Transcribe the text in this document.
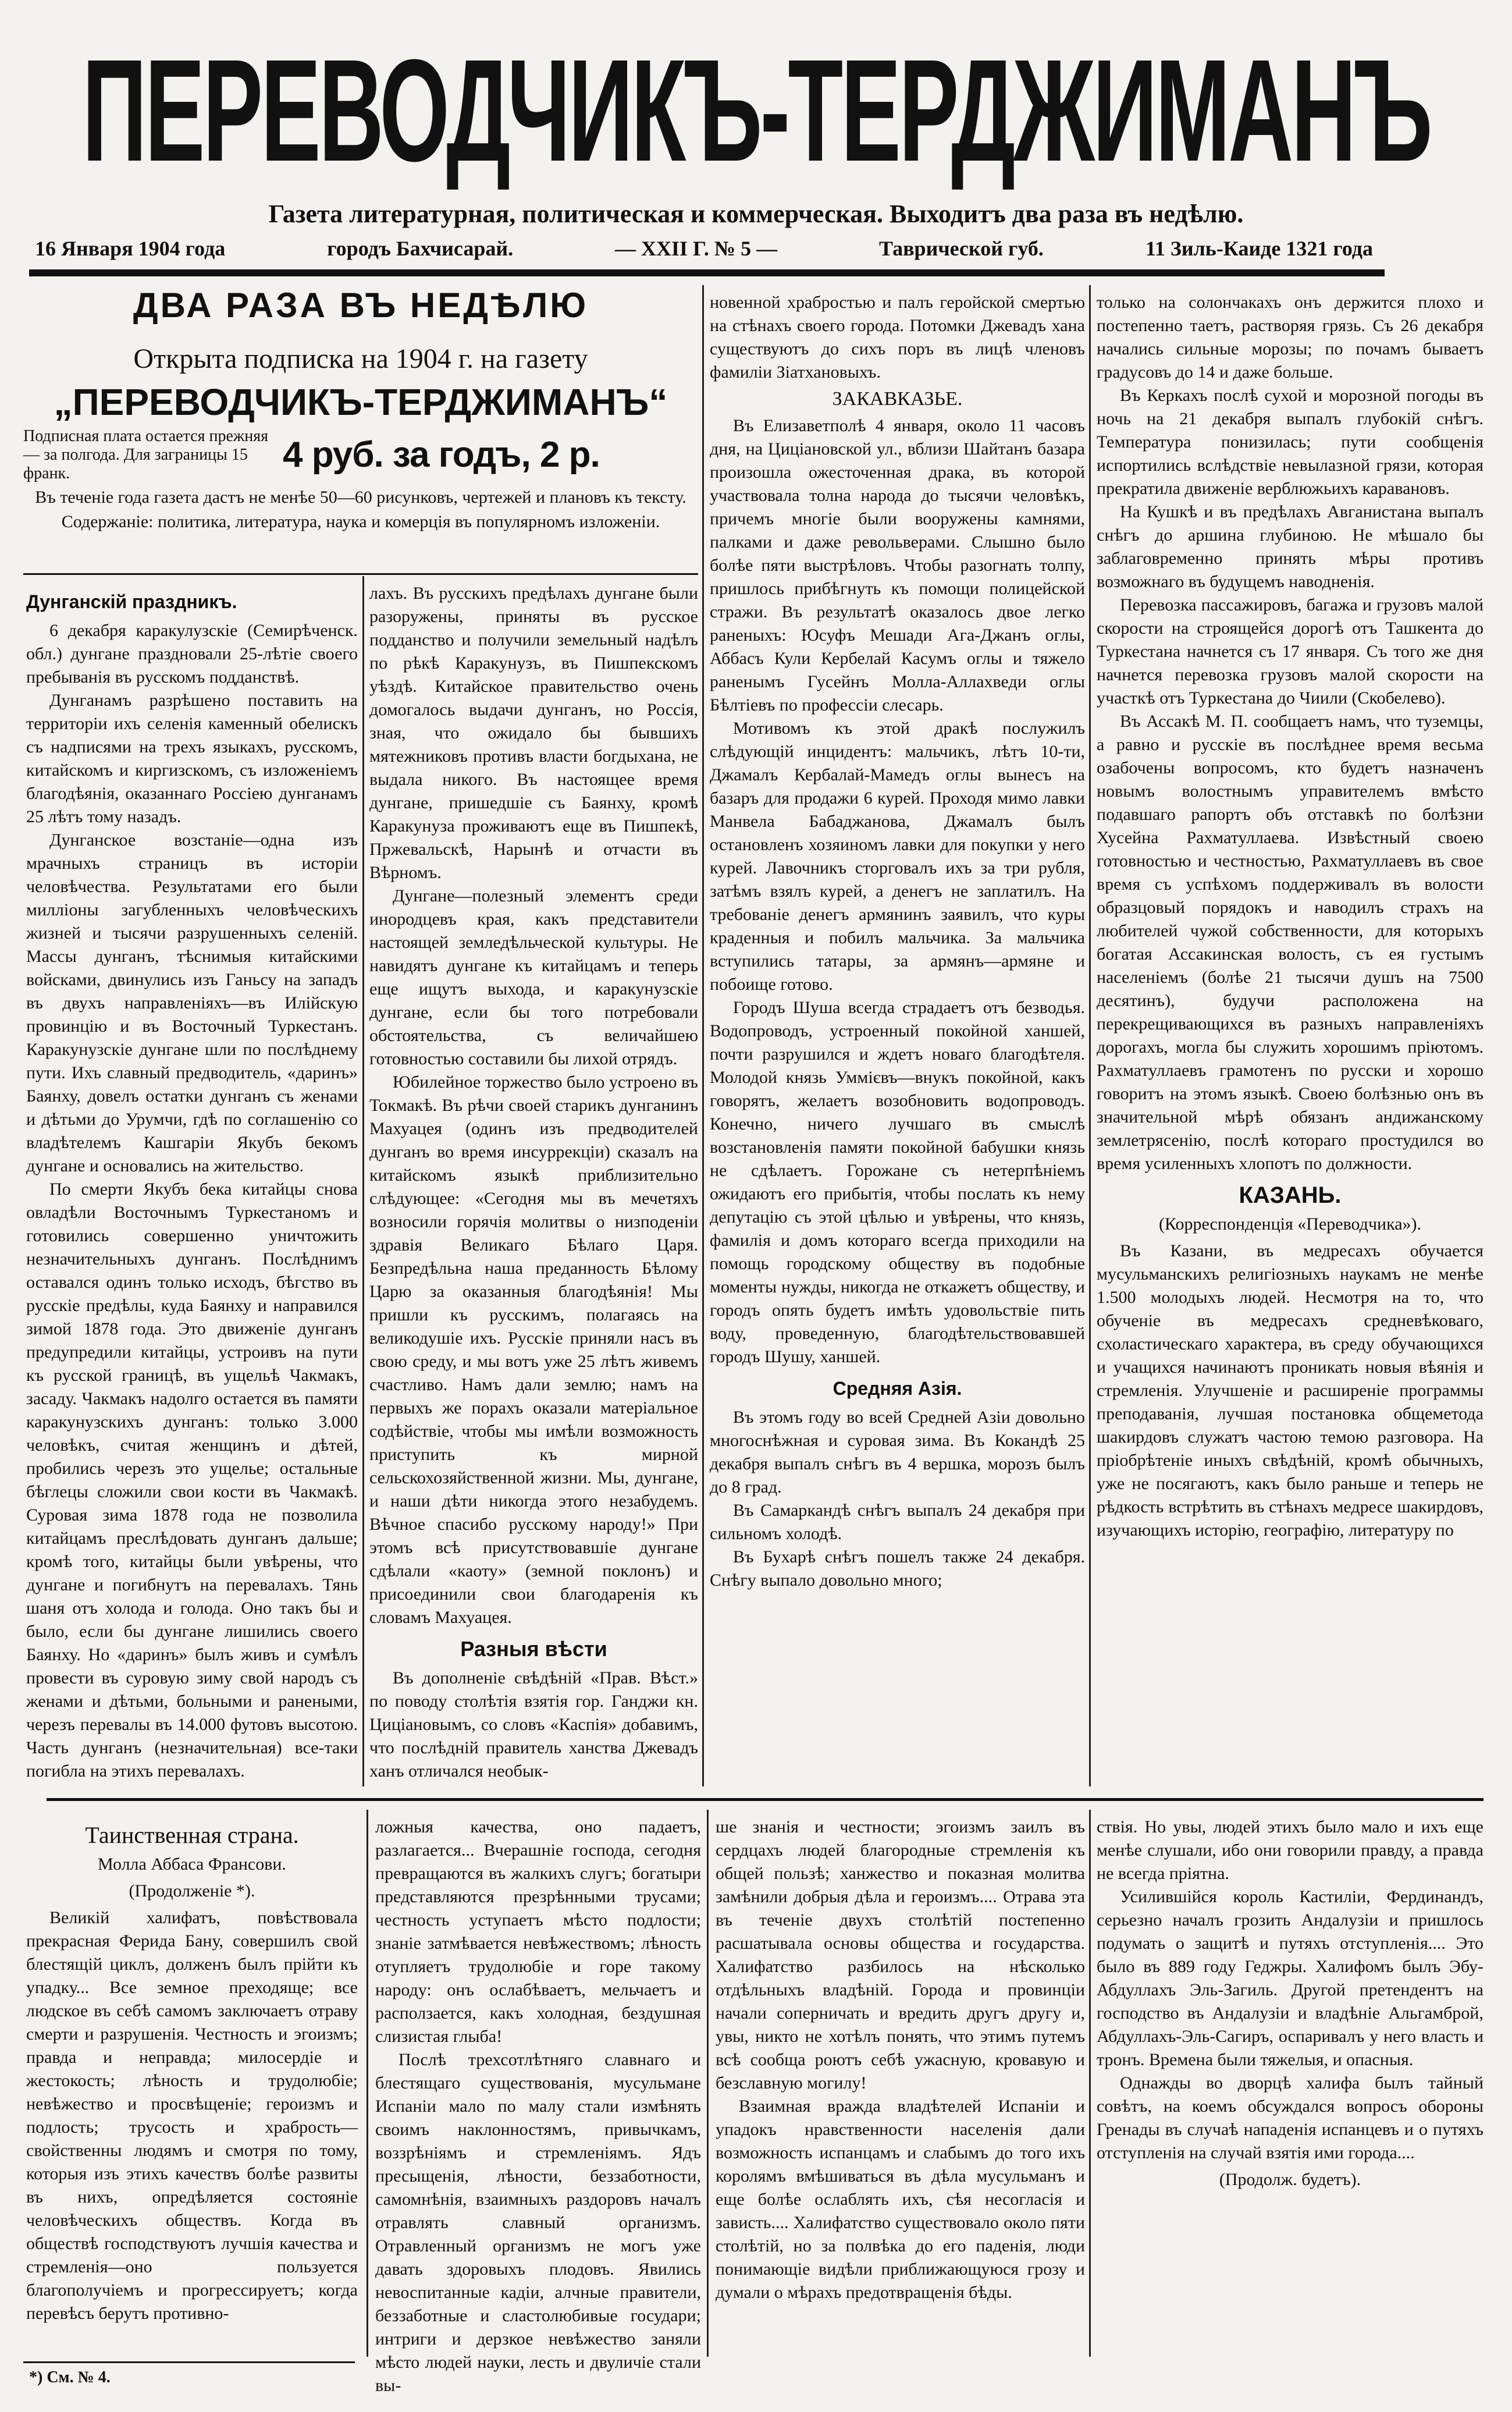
ПЕРЕВОДЧИКЪ-ТЕРДЖИМАНЪ
Газета литературная, политическая и коммерческая. Выходитъ два раза въ недѣлю.
16 Января 1904 года	городъ Бахчисарай.	— XXII Г. № 5 —	Таврической губ.	11 Зиль-Каиде 1321 года
ДВА РАЗА ВЪ НЕДѢЛЮ
Открыта подписка на 1904 г. на газету
„ПЕРЕВОДЧИКЪ-ТЕРДЖИМАНЪ“
Подписная плата остается прежняя— за полгода. Для заграницы 15 франк.	4 руб. за годъ, 2 р.
Въ теченіе года газета дастъ не менѣе 50—60 рисунковъ, чертежей и плановъ къ тексту.
Содержаніе: политика, литература, наука и комерція въ популярномъ изложеніи.
Дунганскій праздникъ.

6 декабря каракулузскіе (Семирѣченск. обл.) дунгане праздновали 25-лѣтіе своего пребыванія въ русскомъ подданствѣ.

Дунганамъ разрѣшено поставить на территоріи ихъ селенія каменный обелискъ съ надписями на трехъ языкахъ, русскомъ, китайскомъ и киргизскомъ, съ изложеніемъ благодѣянія, оказаннаго Россіею дунганамъ 25 лѣтъ тому назадъ.

Дунганское возстаніе—одна изъ мрачныхъ страницъ въ исторіи человѣчества. Результатами его были милліоны загубленныхъ человѣческихъ жизней и тысячи разрушенныхъ селеній. Массы дунганъ, тѣснимыя китайскими войсками, двинулись изъ Ганьсу на западъ въ двухъ направленіяхъ—въ Илійскую провинцію и въ Восточный Туркестанъ. Каракунузскіе дунгане шли по послѣднему пути. Ихъ славный предводитель, «даринъ» Баянху, довелъ остатки дунганъ съ женами и дѣтьми до Урумчи, гдѣ по соглашенію со владѣтелемъ Кашгаріи Якубъ бекомъ дунгане и основались на жительство.

По смерти Якубъ бека китайцы снова овладѣли Восточнымъ Туркестаномъ и готовились совершенно уничтожить незначительныхъ дунганъ. Послѣднимъ оставался одинъ только исходъ, бѣгство въ русскіе предѣлы, куда Баянху и направился зимой 1878 года. Это движеніе дунганъ предупредили китайцы, устроивъ на пути къ русской границѣ, въ ущельѣ Чакмакъ, засаду. Чакмакъ надолго остается въ памяти каракунузскихъ дунганъ: только 3.000 человѣкъ, считая женщинъ и дѣтей, пробились черезъ это ущелье; остальные бѣглецы сложили свои кости въ Чакмакѣ. Суровая зима 1878 года не позволила китайцамъ преслѣдовать дунганъ дальше; кромѣ того, китайцы были увѣрены, что дунгане и погибнутъ на перевалахъ. Тянь шаня отъ холода и голода. Оно такъ бы и было, если бы дунгане лишились своего Баянху. Но «даринъ» былъ живъ и сумѣлъ провести въ суровую зиму свой народъ съ женами и дѣтьми, больными и ранеными, черезъ перевалы въ 14.000 футовъ высотою. Часть дунганъ (незначительная) все-таки погибла на этихъ перевалахъ.

лахъ. Въ русскихъ предѣлахъ дунгане были разоружены, приняты въ русское подданство и получили земельный надѣлъ по рѣкѣ Каракунузъ, въ Пишпекскомъ уѣздѣ. Китайское правительство очень домогалось выдачи дунганъ, но Россія, зная, что ожидало бы бывшихъ мятежниковъ противъ власти богдыхана, не выдала никого. Въ настоящее время дунгане, пришедшіе съ Баянху, кромѣ Каракунуза проживаютъ еще въ Пишпекѣ, Пржевальскѣ, Нарынѣ и отчасти въ Вѣрномъ.

Дунгане—полезный элементъ среди инородцевъ края, какъ представители настоящей земледѣльческой культуры. Не навидятъ дунгане къ китайцамъ и теперь еще ищутъ выхода, и каракунузскіе дунгане, если бы того потребовали обстоятельства, съ величайшею готовностью составили бы лихой отрядъ.

Юбилейное торжество было устроено въ Токмакѣ. Въ рѣчи своей старикъ дунганинъ Махуацея (одинъ изъ предводителей дунганъ во время инсуррекціи) сказалъ на китайскомъ языкѣ приблизительно слѣдующее: «Сегодня мы въ мечетяхъ возносили горячія молитвы о низподеніи здравія Великаго Бѣлаго Царя. Безпредѣльна наша преданность Бѣлому Царю за оказанныя благодѣянія! Мы пришли къ русскимъ, полагаясь на великодушіе ихъ. Русскіе приняли насъ въ свою среду, и мы вотъ уже 25 лѣтъ живемъ счастливо. Намъ дали землю; намъ на первыхъ же порахъ оказали матеріальное содѣйствіе, чтобы мы имѣли возможность приступить къ мирной сельскохозяйственной жизни. Мы, дунгане, и наши дѣти никогда этого незабудемъ. Вѣчное спасибо русскому народу!» При этомъ всѣ присутствовавшіе дунгане сдѣлали «каоту» (земной поклонъ) и присоединили свои благодаренія къ словамъ Махуацея.

Разныя вѣсти

Въ дополненіе свѣдѣній «Прав. Вѣст.» по поводу столѣтія взятія гор. Ганджи кн. Циціановымъ, со словъ «Каспія» добавимъ, что послѣдній правитель ханства Джевадъ ханъ отличался необык-

новенной храбростью и палъ геройской смертью на стѣнахъ своего города. Потомки Джевадъ хана существуютъ до сихъ поръ въ лицѣ членовъ фамиліи Зіатхановыхъ.

ЗАКАВКАЗЬЕ.

Въ Елизаветполѣ 4 января, около 11 часовъ дня, на Циціановской ул., вблизи Шайтанъ базара произошла ожесточенная драка, въ которой участвовала толна народа до тысячи человѣкъ, причемъ многіе были вооружены камнями, палками и даже револьверами. Слышно было болѣе пяти выстрѣловъ. Чтобы разогнать толпу, пришлось прибѣгнуть къ помощи полицейской стражи. Въ результатѣ оказалось двое легко раненыхъ: Юсуфъ Мешади Ага-Джанъ оглы, Аббасъ Кули Кербелай Касумъ оглы и тяжело раненымъ Гусейнъ Молла-Аллахведи оглы Бѣлтіевъ по профессіи слесарь.

Мотивомъ къ этой дракѣ послужилъ слѣдующій инцидентъ: мальчикъ, лѣтъ 10-ти, Джамалъ Кербалай-Мамедъ оглы вынесъ на базаръ для продажи 6 курей. Проходя мимо лавки Манвела Бабаджанова, Джамалъ былъ остановленъ хозяиномъ лавки для покупки у него курей. Лавочникъ сторговалъ ихъ за три рубля, затѣмъ взялъ курей, а денегъ не заплатилъ. На требованіе денегъ армянинъ заявилъ, что куры краденныя и побилъ мальчика. За мальчика вступились татары, за армянъ—армяне и побоище готово.

Городъ Шуша всегда страдаетъ отъ безводья. Водопроводъ, устроенный покойной ханшей, почти разрушился и ждетъ новаго благодѣтеля. Молодой князь Уммієвъ—внукъ покойной, какъ говорятъ, желаетъ возобновить водопроводъ. Конечно, ничего лучшаго въ смыслѣ возстановленія памяти покойной бабушки князь не сдѣлаетъ. Горожане съ нетерпѣніемъ ожидаютъ его прибытія, чтобы послать къ нему депутацію съ этой цѣлью и увѣрены, что князь, фамилія и домъ котораго всегда приходили на помощь городскому обществу въ подобные моменты нужды, никогда не откажетъ обществу, и городъ опять будетъ имѣть удовольствіе пить воду, проведенную, благодѣтельствовавшей городъ Шушу, ханшей.

Средняя Азія.

Въ этомъ году во всей Средней Азіи довольно многоснѣжная и суровая зима. Въ Кокандѣ 25 декабря выпалъ снѣгъ въ 4 вершка, морозъ былъ до 8 град.

Въ Самаркандѣ снѣгъ выпалъ 24 декабря при сильномъ холодѣ.

Въ Бухарѣ снѣгъ пошелъ также 24 декабря. Снѣгу выпало довольно много;

только на солончакахъ онъ держится плохо и постепенно таетъ, растворяя грязь. Съ 26 декабря начались сильные морозы; по почамъ бываетъ градусовъ до 14 и даже больше.

Въ Керкахъ послѣ сухой и морозной погоды въ ночь на 21 декабря выпалъ глубокій снѣгъ. Температура понизилась; пути сообщенія испортились вслѣдствіе невылазной грязи, которая прекратила движеніе верблюжьихъ каравановъ.

На Кушкѣ и въ предѣлахъ Авганистана выпалъ снѣгъ до аршина глубиною. Не мѣшало бы заблаговременно принять мѣры противъ возможнаго въ будущемъ наводненія.

Перевозка пассажировъ, багажа и грузовъ малой скорости на строящейся дорогѣ отъ Ташкента до Туркестана начнется съ 17 января. Съ того же дня начнется перевозка грузовъ малой скорости на участкѣ отъ Туркестана до Чиили (Скобелево).

Въ Ассакѣ М. П. сообщаетъ намъ, что туземцы, а равно и русскіе въ послѣднее время весьма озабочены вопросомъ, кто будетъ назначенъ новымъ волостнымъ управителемъ вмѣсто подавшаго рапортъ объ отставкѣ по болѣзни Хусейна Рахматуллаева. Извѣстный своею готовностью и честностью, Рахматуллаевъ въ свое время съ успѣхомъ поддерживалъ въ волости образцовый порядокъ и наводилъ страхъ на любителей чужой собственности, для которыхъ богатая Ассакинская волость, съ ея густымъ населеніемъ (болѣе 21 тысячи душъ на 7500 десятинъ), будучи расположена на перекрещивающихся въ разныхъ направленіяхъ дорогахъ, могла бы служить хорошимъ пріютомъ. Рахматуллаевъ грамотенъ по русски и хорошо говоритъ на этомъ языкѣ. Своею болѣзнью онъ въ значительной мѣрѣ обязанъ андижанскому землетрясенію, послѣ котораго простудился во время усиленныхъ хлопотъ по должности.

КАЗАНЬ.
(Корреспонденція «Переводчика»).

Въ Казани, въ медресахъ обучается мусульманскихъ религіозныхъ наукамъ не менѣе 1.500 молодыхъ людей. Несмотря на то, что обученіе въ медресахъ средневѣковаго, схоластическаго характера, въ среду обучающихся и учащихся начинаютъ проникать новыя вѣянія и стремленія. Улучшеніе и расширеніе программы преподаванія, лучшая постановка общеметода шакирдовъ служатъ частою темою разговора. На пріобрѣтеніе иныхъ свѣдѣній, кромѣ обычныхъ, уже не посягаютъ, какъ было раньше и теперь не рѣдкость встрѣтить въ стѣнахъ медресе шакирдовъ, изучающихъ исторію, географію, литературу по

Таинственная страна.
Молла Аббаса Франсови.
(Продолженіе *).

Великій халифатъ, повѣствовала прекрасная Ферида Бану, совершилъ свой блестящій циклъ, долженъ былъ прійти къ упадку... Все земное преходяще; все людское въ себѣ самомъ заключаетъ отраву смерти и разрушенія. Честность и эгоизмъ; правда и неправда; милосердіе и жестокость; лѣность и трудолюбіе; невѣжество и просвѣщеніе; героизмъ и подлость; трусость и храбрость—свойственны людямъ и смотря по тому, которыя изъ этихъ качествъ болѣе развиты въ нихъ, опредѣляется состояніе человѣческихъ обществъ. Когда въ обществѣ господствуютъ лучшія качества и стремленія—оно пользуется благополучіемъ и прогрессируетъ; когда перевѣсъ берутъ противно-

ложныя качества, оно падаетъ, разлагается... Вчерашніе господа, сегодня превращаются въ жалкихъ слугъ; богатыри представляются презрѣнными трусами; честность уступаетъ мѣсто подлости; знаніе затмѣвается невѣжествомъ; лѣность отупляетъ трудолюбіе и горе такому народу: онъ ослабѣваетъ, мельчаетъ и расползается, какъ холодная, бездушная слизистая глыба!

Послѣ трехсотлѣтняго славнаго и блестящаго существованія, мусульмане Испаніи мало по малу стали измѣнять своимъ наклонностямъ, привычкамъ, воззрѣніямъ и стремленіямъ. Ядъ пресыщенія, лѣности, беззаботности, самомнѣнія, взаимныхъ раздоровъ началъ отравлять славный организмъ. Отравленный организмъ не могъ уже давать здоровыхъ плодовъ. Явились невоспитанные кадіи, алчные правители, беззаботные и сластолюбивые государи; интриги и дерзкое невѣжество заняли мѣсто людей науки, лесть и двуличіе стали вы-

ше знанія и честности; эгоизмъ заилъ въ сердцахъ людей благородные стремленія къ общей пользѣ; ханжество и показная молитва замѣнили добрыя дѣла и героизмъ.... Отрава эта въ теченіе двухъ столѣтій постепенно расшатывала основы общества и государства. Халифатство разбилось на нѣсколько отдѣльныхъ владѣній. Города и провинціи начали соперничать и вредить другъ другу и, увы, никто не хотѣлъ понять, что этимъ путемъ всѣ сообща роютъ себѣ ужасную, кровавую и безславную могилу!

Взаимная вражда владѣтелей Испаніи и упадокъ нравственности населенія дали возможность испанцамъ и слабымъ до того ихъ королямъ вмѣшиваться въ дѣла мусульманъ и еще болѣе ослаблять ихъ, сѣя несогласія и зависть.... Халифатство существовало около пяти столѣтій, но за полвѣка до его паденія, люди понимающіе видѣли приближающуюся грозу и думали о мѣрахъ предотвращенія бѣды.

ствія. Но увы, людей этихъ было мало и ихъ еще менѣе слушали, ибо они говорили правду, а правда не всегда пріятна.

Усилившійся король Кастиліи, Фердинандъ, серьезно началъ грозить Андалузіи и пришлось подумать о защитѣ и путяхъ отступленія.... Это было въ 889 году Геджры. Халифомъ былъ Эбу-Абдуллахъ Эль-Загиль. Другой претендентъ на господство въ Андалузіи и владѣніе Альгамброй, Абдуллахъ-Эль-Сагиръ, оспаривалъ у него власть и тронъ. Времена были тяжелыя, и опасныя.

Однажды во дворцѣ халифа былъ тайный совѣтъ, на коемъ обсуждался вопросъ обороны Гренады въ случаѣ нападенія испанцевъ и о путяхъ отступленія на случай взятія ими города....

(Продолж. будетъ).
*) См. № 4.
